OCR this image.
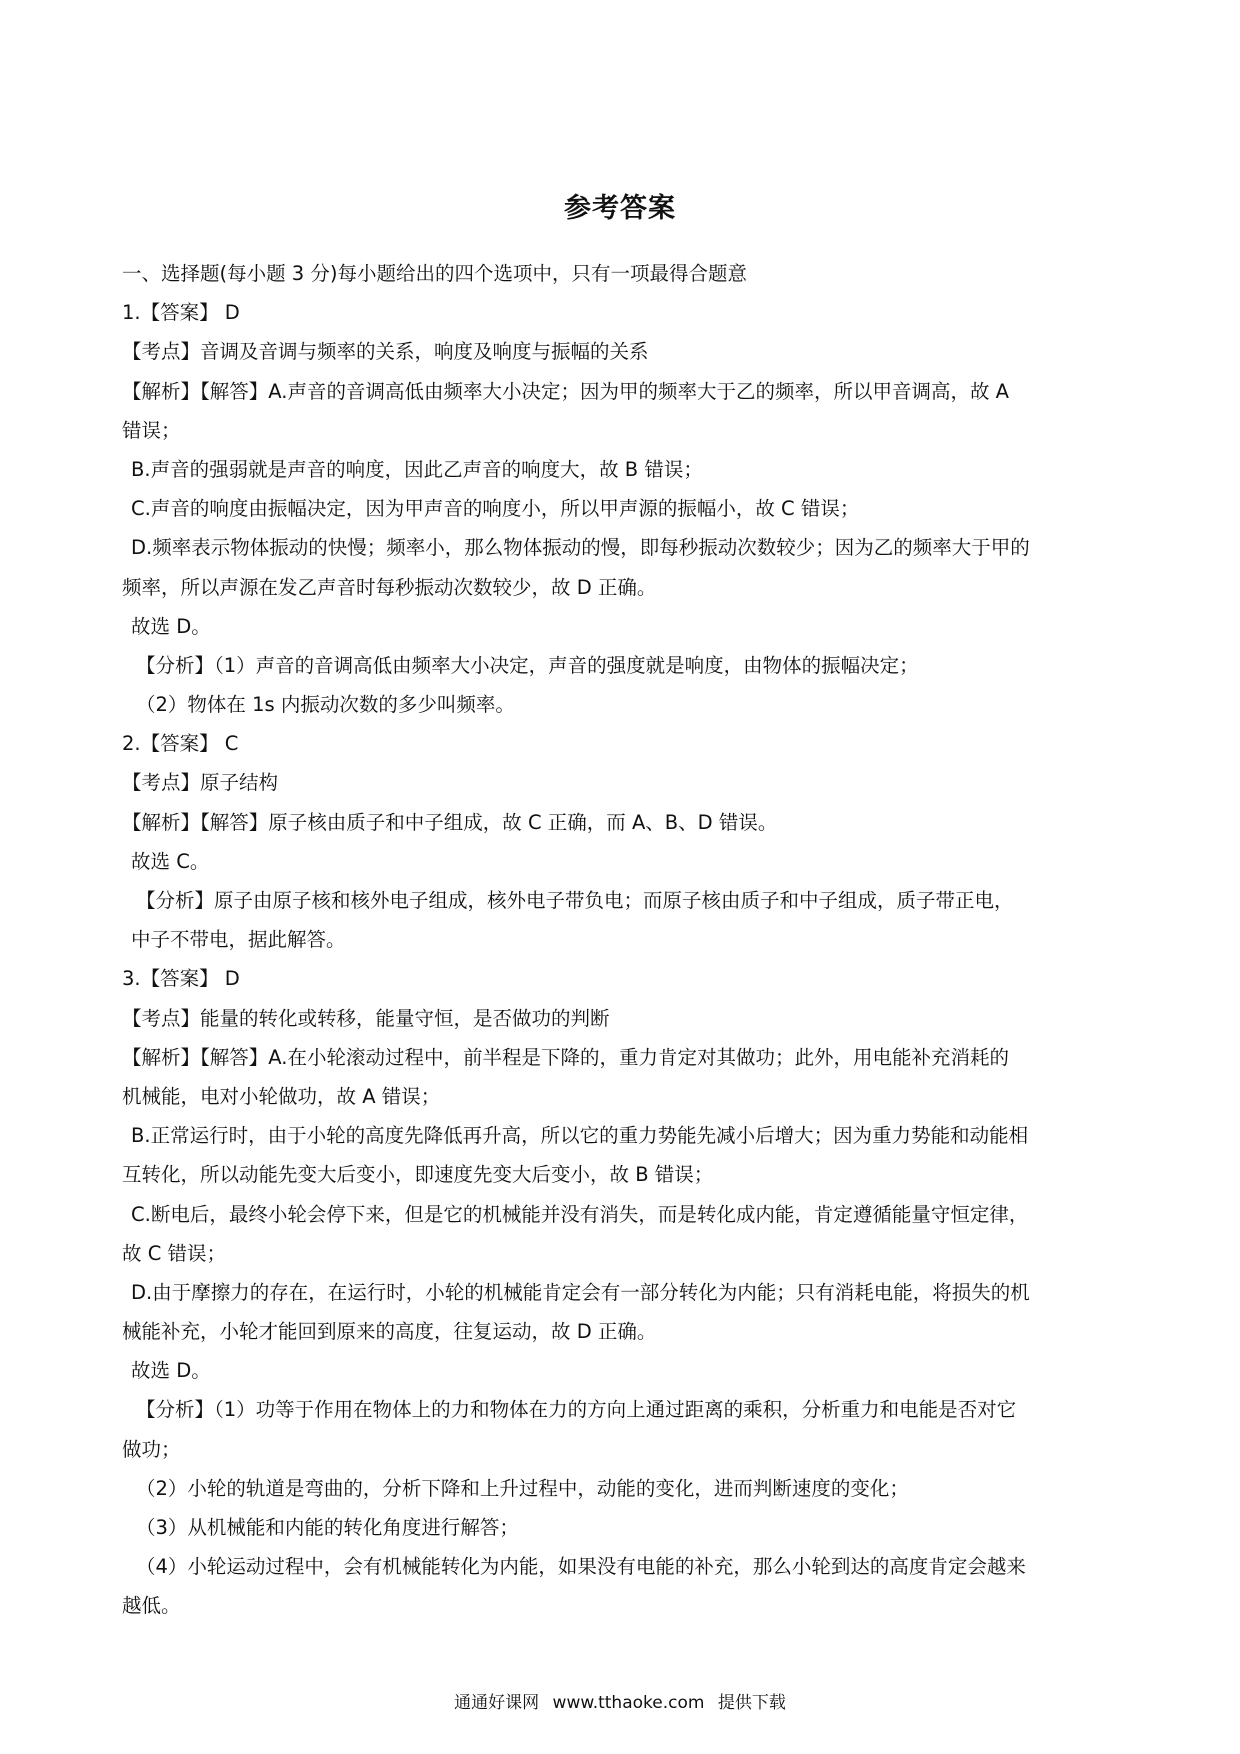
参考答案
一、选择题(每小题 3 分)每小题给出的四个选项中，只有一项最得合题意
1.【答案】 D
【考点】音调及音调与频率的关系，响度及响度与振幅的关系
【解析】【解答】A.声音的音调高低由频率大小决定；因为甲的频率大于乙的频率，所以甲音调高，故 A
错误；
B.声音的强弱就是声音的响度，因此乙声音的响度大，故 B 错误；
C.声音的响度由振幅决定，因为甲声音的响度小，所以甲声源的振幅小，故 C 错误；
D.频率表示物体振动的快慢；频率小，那么物体振动的慢，即每秒振动次数较少；因为乙的频率大于甲的
频率，所以声源在发乙声音时每秒振动次数较少，故 D 正确。
故选 D。
【分析】（1）声音的音调高低由频率大小决定，声音的强度就是响度，由物体的振幅决定；
（2）物体在 1s 内振动次数的多少叫频率。
2.【答案】 C
【考点】原子结构
【解析】【解答】原子核由质子和中子组成，故 C 正确，而 A、B、D 错误。
故选 C。
【分析】原子由原子核和核外电子组成，核外电子带负电；而原子核由质子和中子组成，质子带正电，
中子不带电，据此解答。
3.【答案】 D
【考点】能量的转化或转移，能量守恒，是否做功的判断
【解析】【解答】A.在小轮滚动过程中，前半程是下降的，重力肯定对其做功；此外，用电能补充消耗的
机械能，电对小轮做功，故 A 错误；
B.正常运行时，由于小轮的高度先降低再升高，所以它的重力势能先减小后增大；因为重力势能和动能相
互转化，所以动能先变大后变小，即速度先变大后变小，故 B 错误；
C.断电后，最终小轮会停下来，但是它的机械能并没有消失，而是转化成内能，肯定遵循能量守恒定律，
故 C 错误；
D.由于摩擦力的存在，在运行时，小轮的机械能肯定会有一部分转化为内能；只有消耗电能，将损失的机
械能补充，小轮才能回到原来的高度，往复运动，故 D 正确。
故选 D。
【分析】（1）功等于作用在物体上的力和物体在力的方向上通过距离的乘积，分析重力和电能是否对它
做功；
（2）小轮的轨道是弯曲的，分析下降和上升过程中，动能的变化，进而判断速度的变化；
（3）从机械能和内能的转化角度进行解答；
（4）小轮运动过程中，会有机械能转化为内能，如果没有电能的补充，那么小轮到达的高度肯定会越来
越低。
通通好课网 www.tthaoke.com 提供下载
